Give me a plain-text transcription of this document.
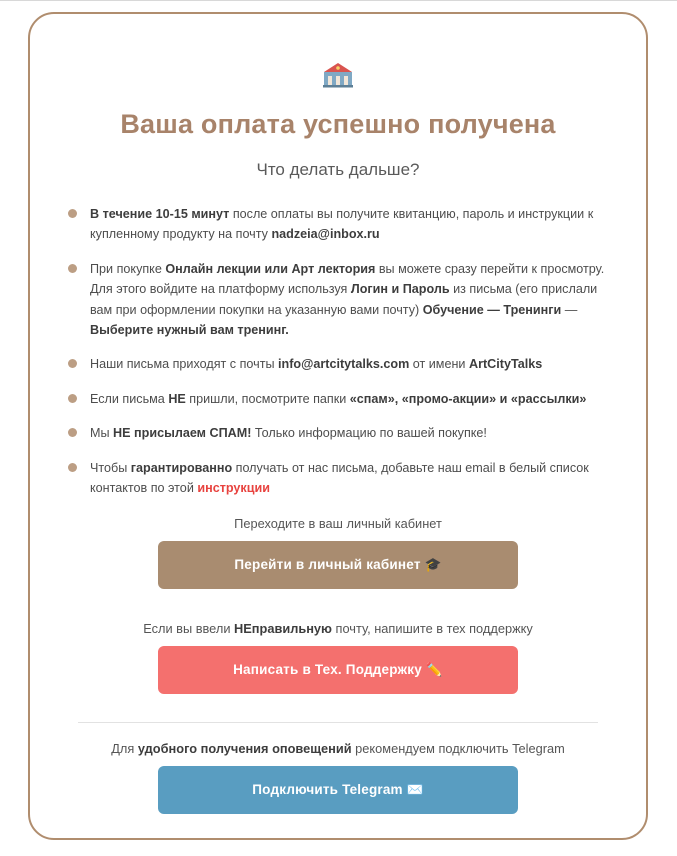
Ваша оплата успешно получена
Что делать дальше?
В течение 10-15 минут после оплаты вы получите квитанцию, пароль и инструкции к купленному продукту на почту nadzeia@inbox.ru
При покупке Онлайн лекции или Арт лектория вы можете сразу перейти к просмотру. Для этого войдите на платформу используя Логин и Пароль из письма (его прислали вам при оформлении покупки на указанную вами почту) Обучение — Тренинги — Выберите нужный вам тренинг.
Наши письма приходят с почты info@artcitytalks.com от имени ArtCityTalks
Если письма НЕ пришли, посмотрите папки «спам», «промо-акции» и «рассылки»
Мы НЕ присылаем СПАМ! Только информацию по вашей покупке!
Чтобы гарантированно получать от нас письма, добавьте наш email в белый список контактов по этой инструкции
Переходите в ваш личный кабинет
Перейти в личный кабинет 🎓
Если вы ввели НЕправильную почту, напишите в тех поддержку
Написать в Тех. Поддержку ✏️
Для удобного получения оповещений рекомендуем подключить Telegram
Подключить Telegram ✉️
